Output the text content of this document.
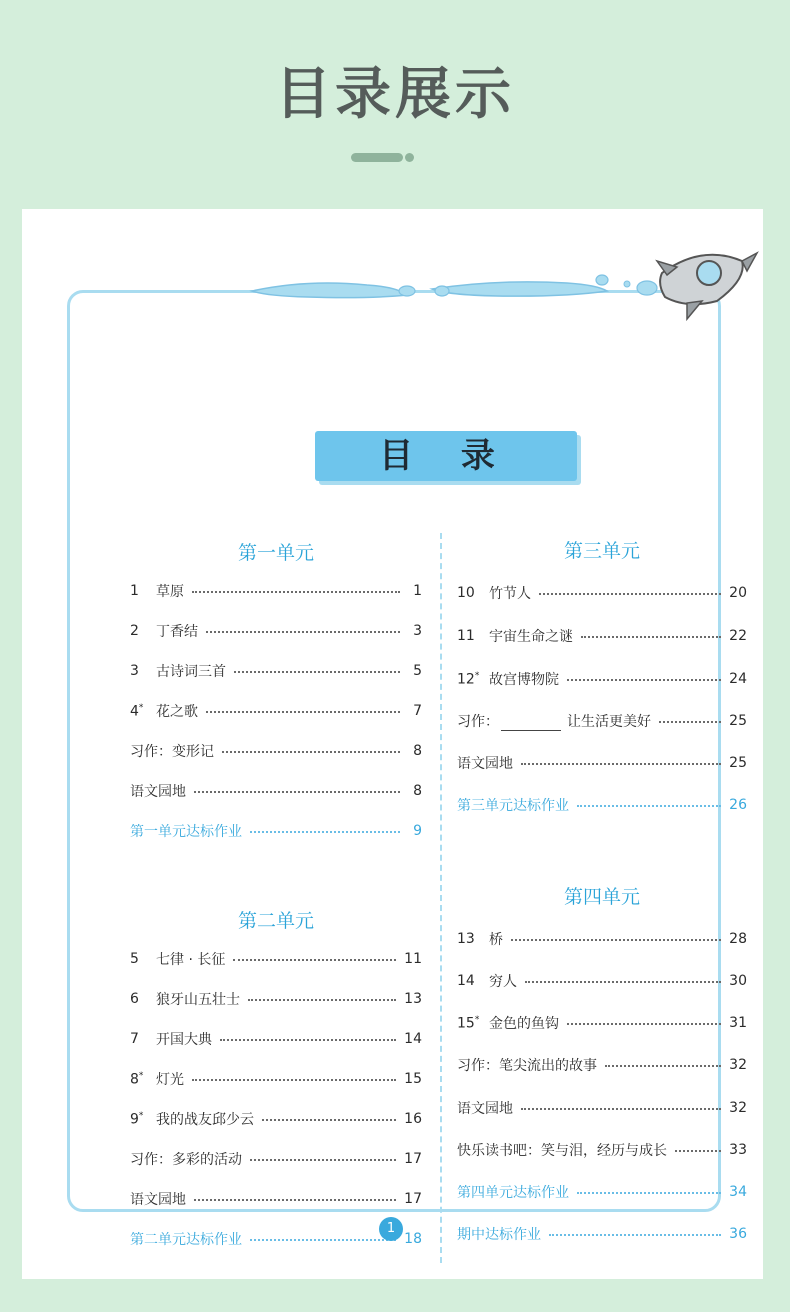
目录展示
目 录
第一单元
1	草原	1
2	丁香结	3
3	古诗词三首	5
4* 花之歌	7
习作：变形记	8
语文园地	8
第一单元达标作业	9
第二单元
5	七律 · 长征	11
6	狼牙山五壮士	13
7	开国大典	14
8* 灯光	15
9* 我的战友邱少云	16
习作：多彩的活动	17
语文园地	17
第二单元达标作业	18
第三单元
10	竹节人	20
11	宇宙生命之谜	22
12* 故宫博物院	24
习作：	让生活更美好	25
语文园地	25
第三单元达标作业	26
第四单元
13	桥	28
14	穷人	30
15* 金色的鱼钩	31
习作：笔尖流出的故事	32
语文园地	32
快乐读书吧：笑与泪，经历与成长	33
第四单元达标作业	34
期中达标作业	36
1
